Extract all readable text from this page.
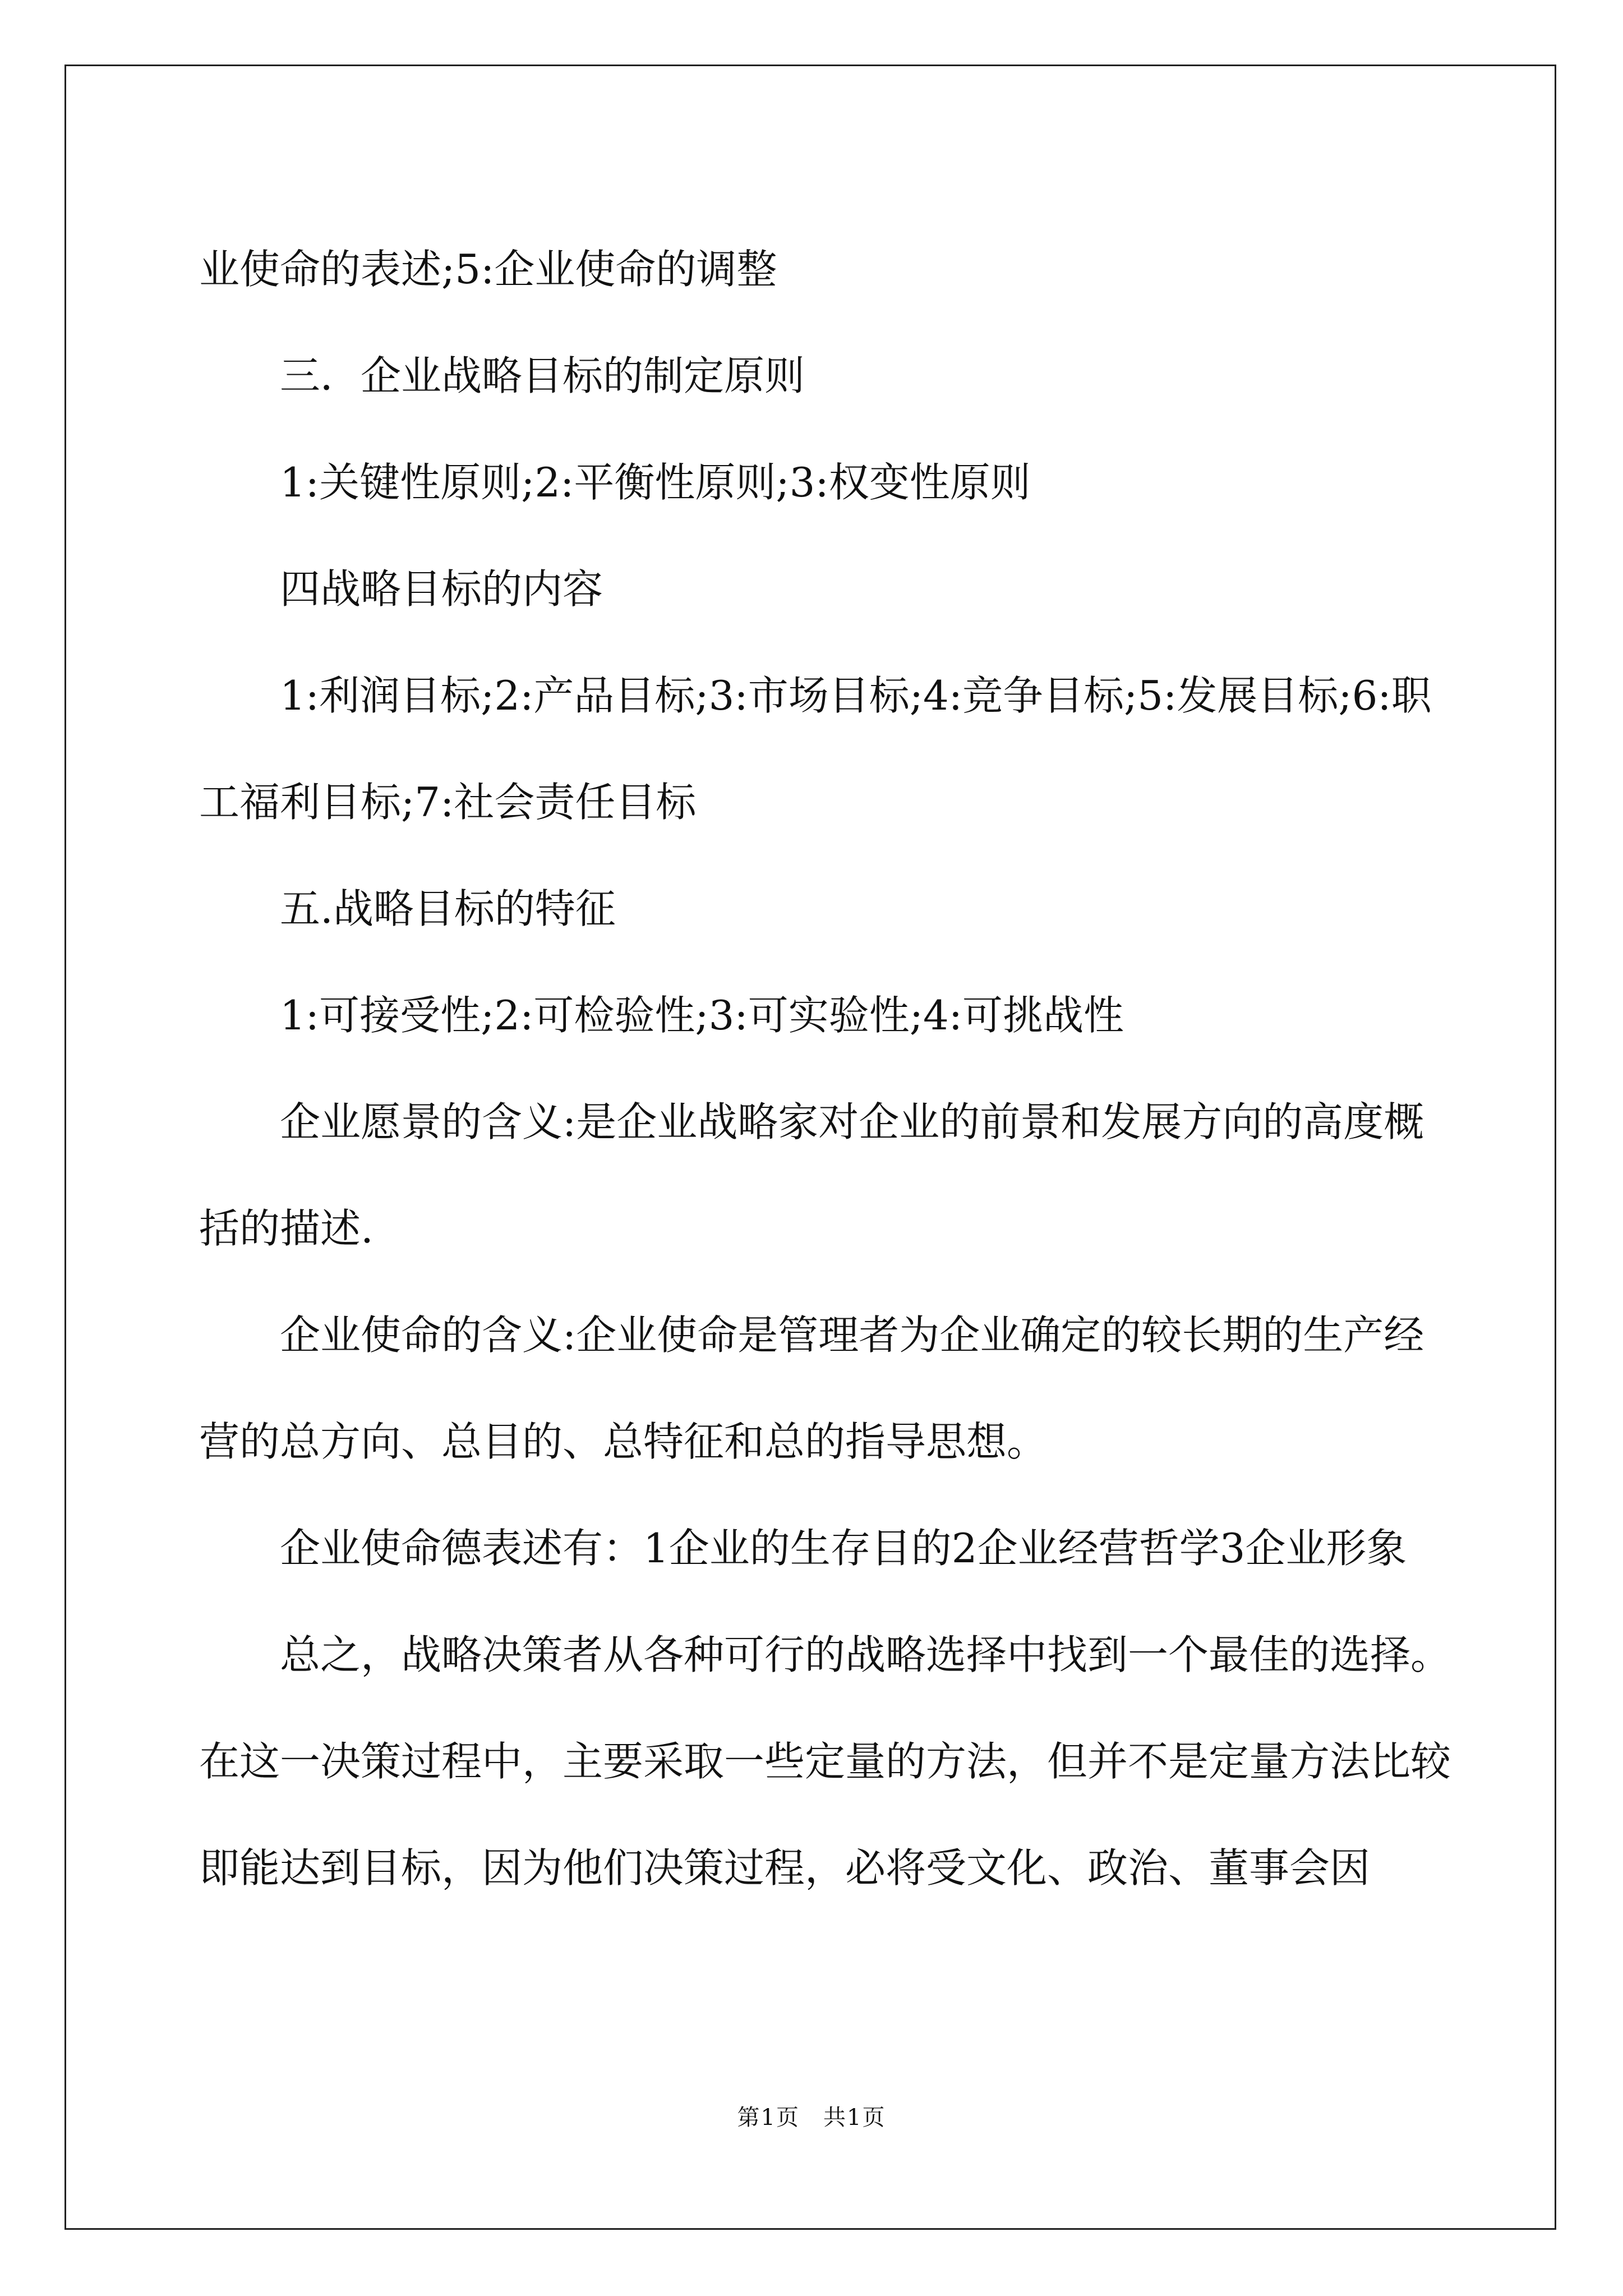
业使命的表述;5:企业使命的调整

三．企业战略目标的制定原则

1:关键性原则;2:平衡性原则;3:权变性原则

四战略目标的内容

1:利润目标;2:产品目标;3:市场目标;4:竞争目标;5:发展目标;6:职工福利目标;7:社会责任目标

五.战略目标的特征

1:可接受性;2:可检验性;3:可实验性;4:可挑战性

企业愿景的含义:是企业战略家对企业的前景和发展方向的高度概括的描述.

企业使命的含义:企业使命是管理者为企业确定的较长期的生产经营的总方向、总目的、总特征和总的指导思想。

企业使命德表述有：1企业的生存目的2企业经营哲学3企业形象

总之，战略决策者从各种可行的战略选择中找到一个最佳的选择。在这一决策过程中，主要采取一些定量的方法，但并不是定量方法比较即能达到目标，因为他们决策过程，必将受文化、政治、董事会因

第1页　共1页
